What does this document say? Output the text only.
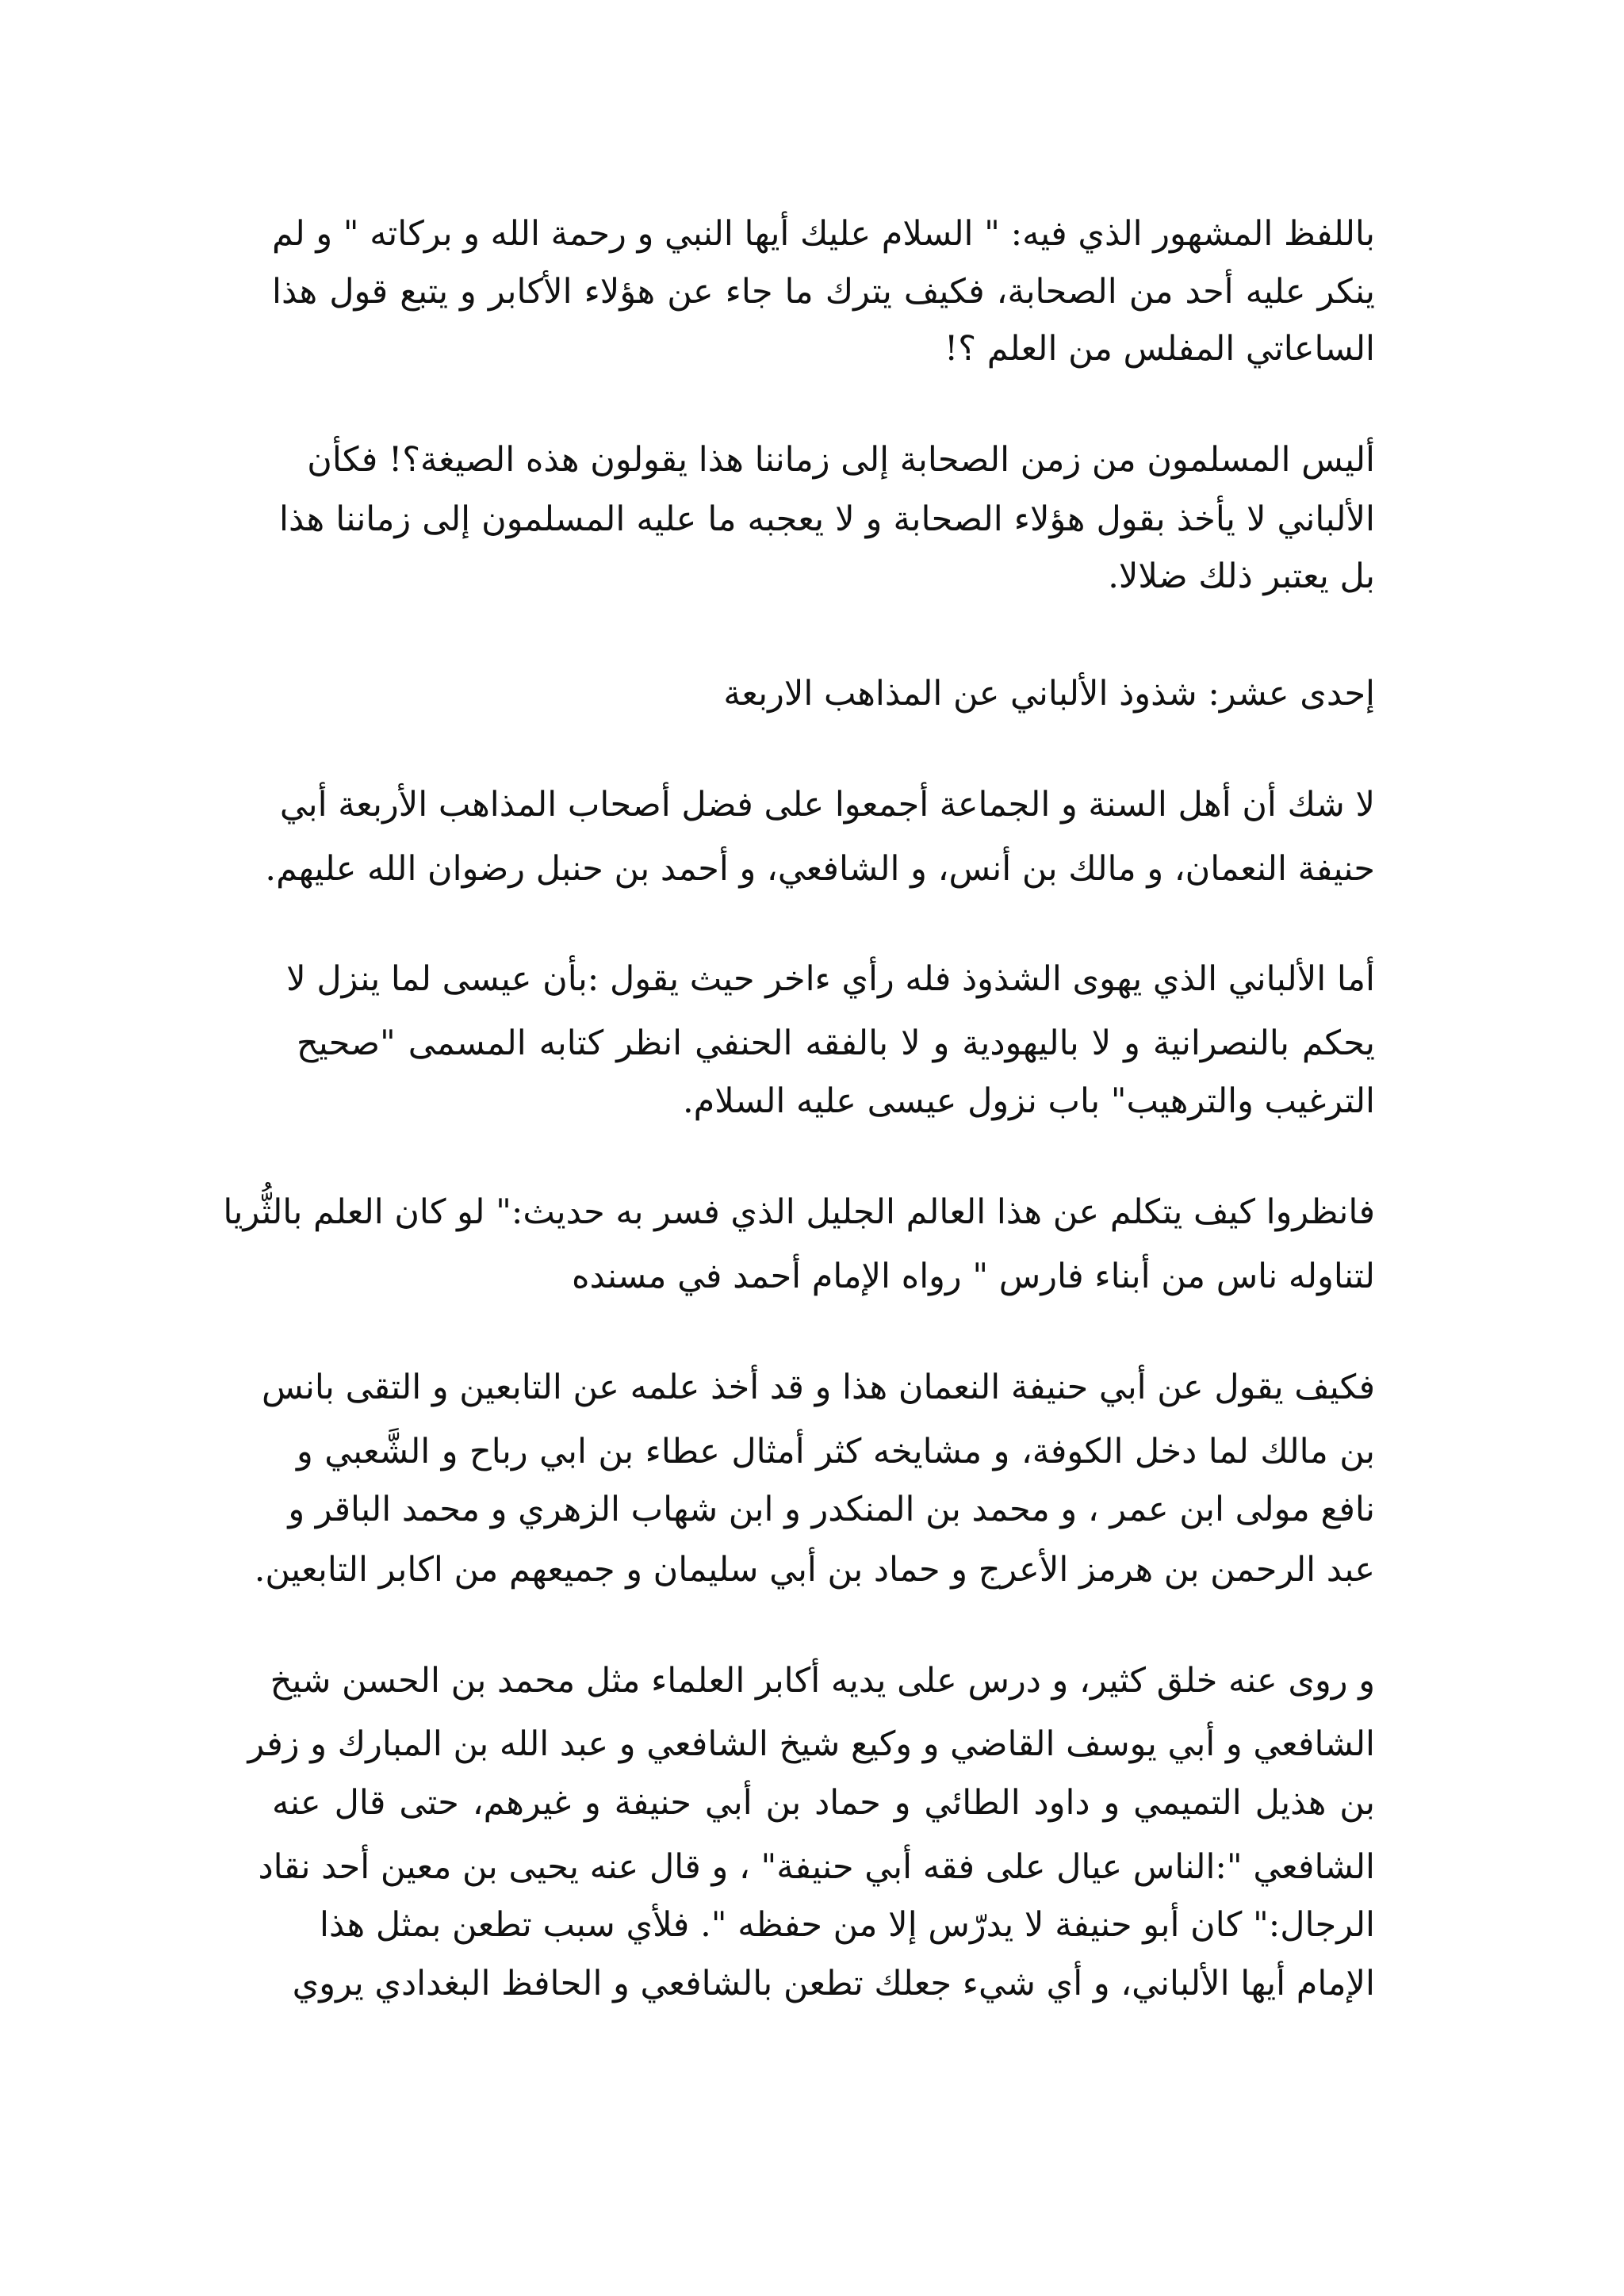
باللفظ المشهور الذي فيه: " السلام عليك أيها النبي و رحمة الله و بركاته " و لم

ينكر عليه أحد من الصحابة، فكيف يترك ما جاء عن هؤلاء الأكابر و يتبع قول هذا

الساعاتي المفلس من العلم ؟!

أليس المسلمون من زمن الصحابة إلى زماننا هذا يقولون هذه الصيغة؟! فكأن

الألباني لا يأخذ بقول هؤلاء الصحابة و لا يعجبه ما عليه المسلمون إلى زماننا هذا

بل يعتبر ذلك ضلالا.

إحدى عشر: شذوذ الألباني عن المذاهب الاربعة

لا شك أن أهل السنة و الجماعة أجمعوا على فضل أصحاب المذاهب الأربعة أبي

حنيفة النعمان، و مالك بن أنس، و الشافعي، و أحمد بن حنبل رضوان الله عليهم.

أما الألباني الذي يهوى الشذوذ فله رأي ءاخر حيث يقول :بأن عيسى لما ينزل لا

يحكم بالنصرانية و لا باليهودية و لا بالفقه الحنفي انظر كتابه المسمى "صحيح

الترغيب والترهيب" باب نزول عيسى عليه السلام.

فانظروا كيف يتكلم عن هذا العالم الجليل الذي فسر به حديث:" لو كان العلم بالثُّريا

لتناوله ناس من أبناء فارس " رواه الإمام أحمد في مسنده

فكيف يقول عن أبي حنيفة النعمان هذا و قد أخذ علمه عن التابعين و التقى بانس

بن مالك لما دخل الكوفة، و مشايخه كثر أمثال عطاء بن ابي رباح و الشَّعبي و

نافع مولى ابن عمر ، و محمد بن المنكدر و ابن شهاب الزهري و محمد الباقر و

عبد الرحمن بن هرمز الأعرج و حماد بن أبي سليمان و جميعهم من اكابر التابعين.

و روى عنه خلق كثير، و درس على يديه أكابر العلماء مثل محمد بن الحسن شيخ

الشافعي و أبي يوسف القاضي و وكيع شيخ الشافعي و عبد الله بن المبارك و زفر

بن هذيل التميمي و داود الطائي و حماد بن أبي حنيفة و غيرهم، حتى قال عنه

الشافعي ":الناس عيال على فقه أبي حنيفة" ، و قال عنه يحيى بن معين أحد نقاد

الرجال:" كان أبو حنيفة لا يدرّس إلا من حفظه ". فلأي سبب تطعن بمثل هذا

الإمام أيها الألباني، و أي شيء جعلك تطعن بالشافعي و الحافظ البغدادي يروي
